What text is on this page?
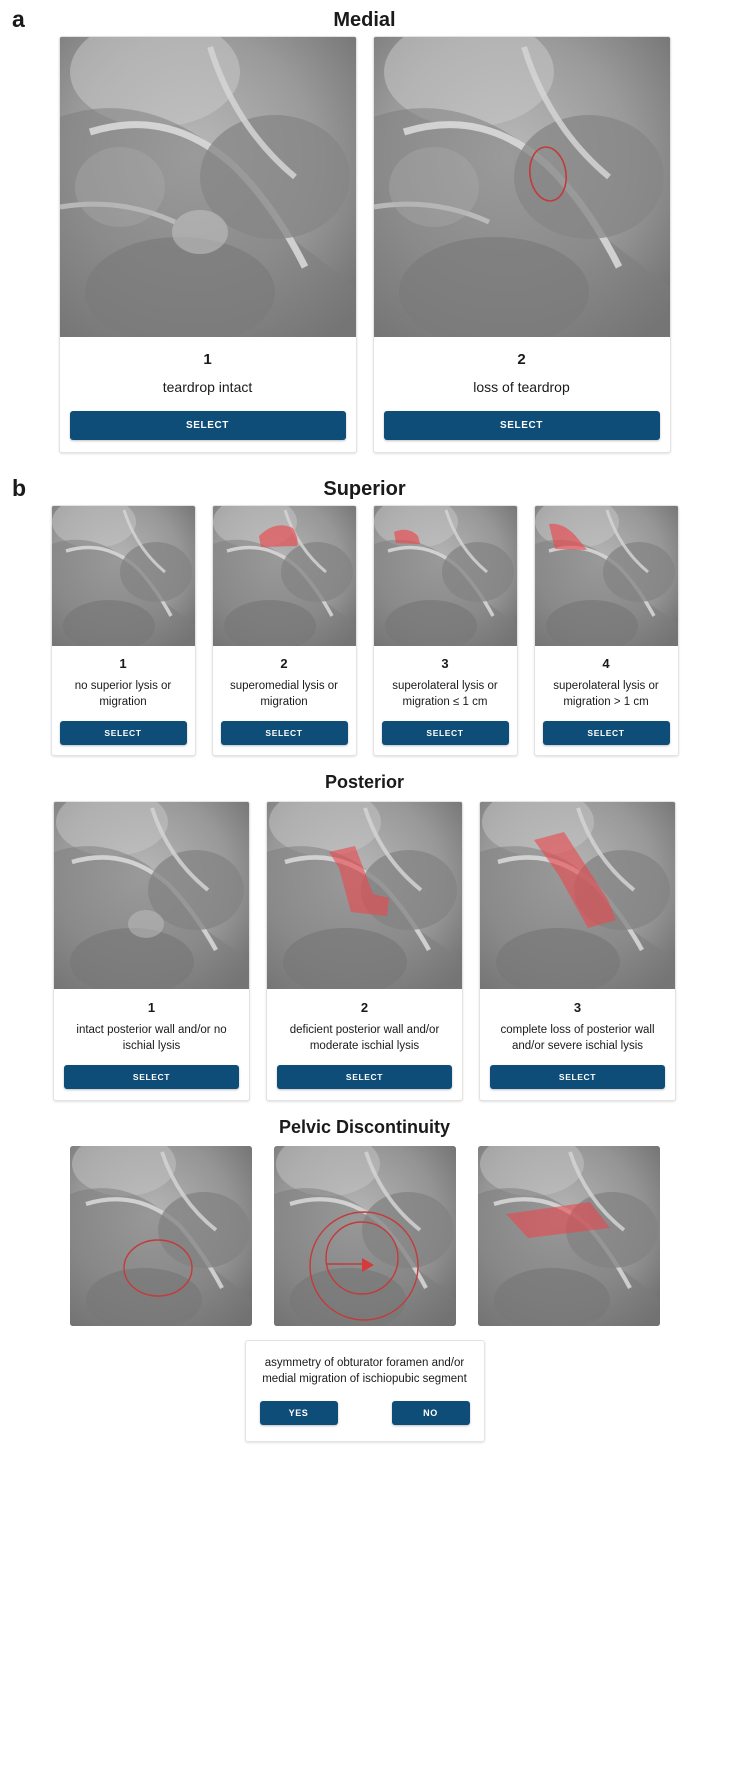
a	Medial
1
teardrop intact
SELECT
2
loss of teardrop
SELECT
b	Superior
1
no superior lysis or migration
SELECT
2
superomedial lysis or migration
SELECT
3
superolateral lysis or migration ≤ 1 cm
SELECT
4
superolateral lysis or migration > 1 cm
SELECT
Posterior
1
intact posterior wall and/or no ischial lysis
SELECT
2
deficient posterior wall and/or moderate ischial lysis
SELECT
3
complete loss of posterior wall and/or severe ischial lysis
SELECT
Pelvic Discontinuity
asymmetry of obturator foramen and/or medial migration of ischiopubic segment
YES	NO
